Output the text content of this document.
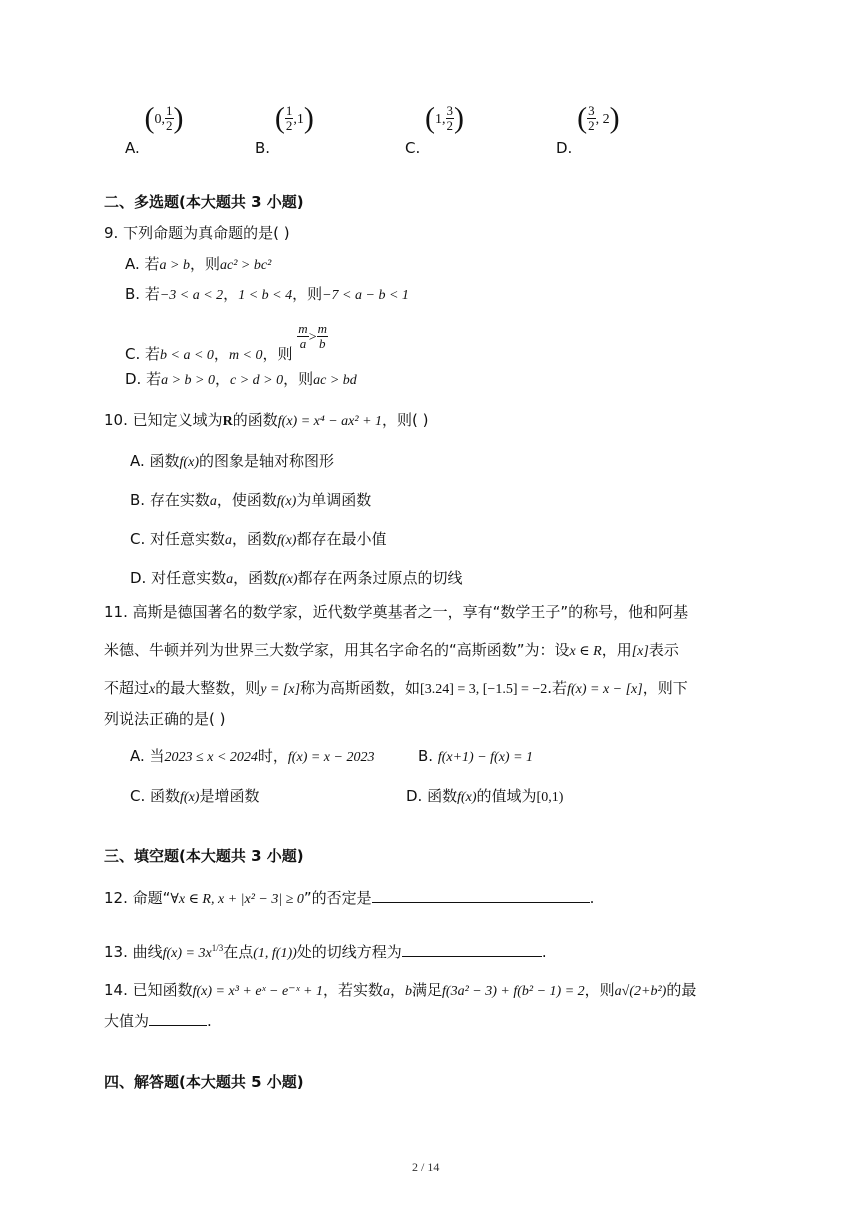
A. (0, $\frac{1}{2}$ )
B. ( $\frac{1}{2} ,1$)
C. (1, $\frac{3}{2}$ )
D. ( $\frac{3}{2}$ , 2)
二、多选题(本大题共 3 小题)
9. 下列命题为真命题的是( )
A. 若a > b，则ac² > bc²
B. 若−3 < a < 2，1 < b < 4，则−7 < a − b < 1
C. 若b < a < 0，m < 0，则
$\frac{m}{a} > \frac{m}{b}$
D. 若a > b > 0，c > d > 0，则ac > bd
10. 已知定义域为R的函数f(x) = x⁴ − ax² + 1，则( )
A. 函数f(x)的图象是轴对称图形
B. 存在实数a，使函数f(x)为单调函数
C. 对任意实数a，函数f(x)都存在最小值
D. 对任意实数a，函数f(x)都存在两条过原点的切线
11. 高斯是德国著名的数学家，近代数学奠基者之一，享有“数学王子”的称号，他和阿基
米德、牛顿并列为世界三大数学家，用其名字命名的“高斯函数”为：设x ∈ R，用[x]表示
不超过x的最大整数，则y = [x]称为高斯函数，如[3.24] = 3, [−1.5] = −2.若f(x) = x − [x]，则下
列说法正确的是( )
A. 当2023 ≤ x < 2024时，f(x) = x − 2023	B. f(x+1) − f(x) = 1
C. 函数f(x)是增函数	D. 函数f(x)的值域为[0,1)
三、填空题(本大题共 3 小题)
12. 命题“∀x ∈ R, x + |x² − 3| ≥ 0”的否定是	.
13. 曲线$f(x) = 3x^{1/3}$在点(1, f(1))处的切线方程为	.
14. 已知函数f(x) = x³ + eˣ − e⁻ˣ + 1，若实数a，b满足f(3a² − 3) + f(b² − 1) = 2，则a√(2+b²)的最
大值为	.
四、解答题(本大题共 5 小题)
2 / 14
